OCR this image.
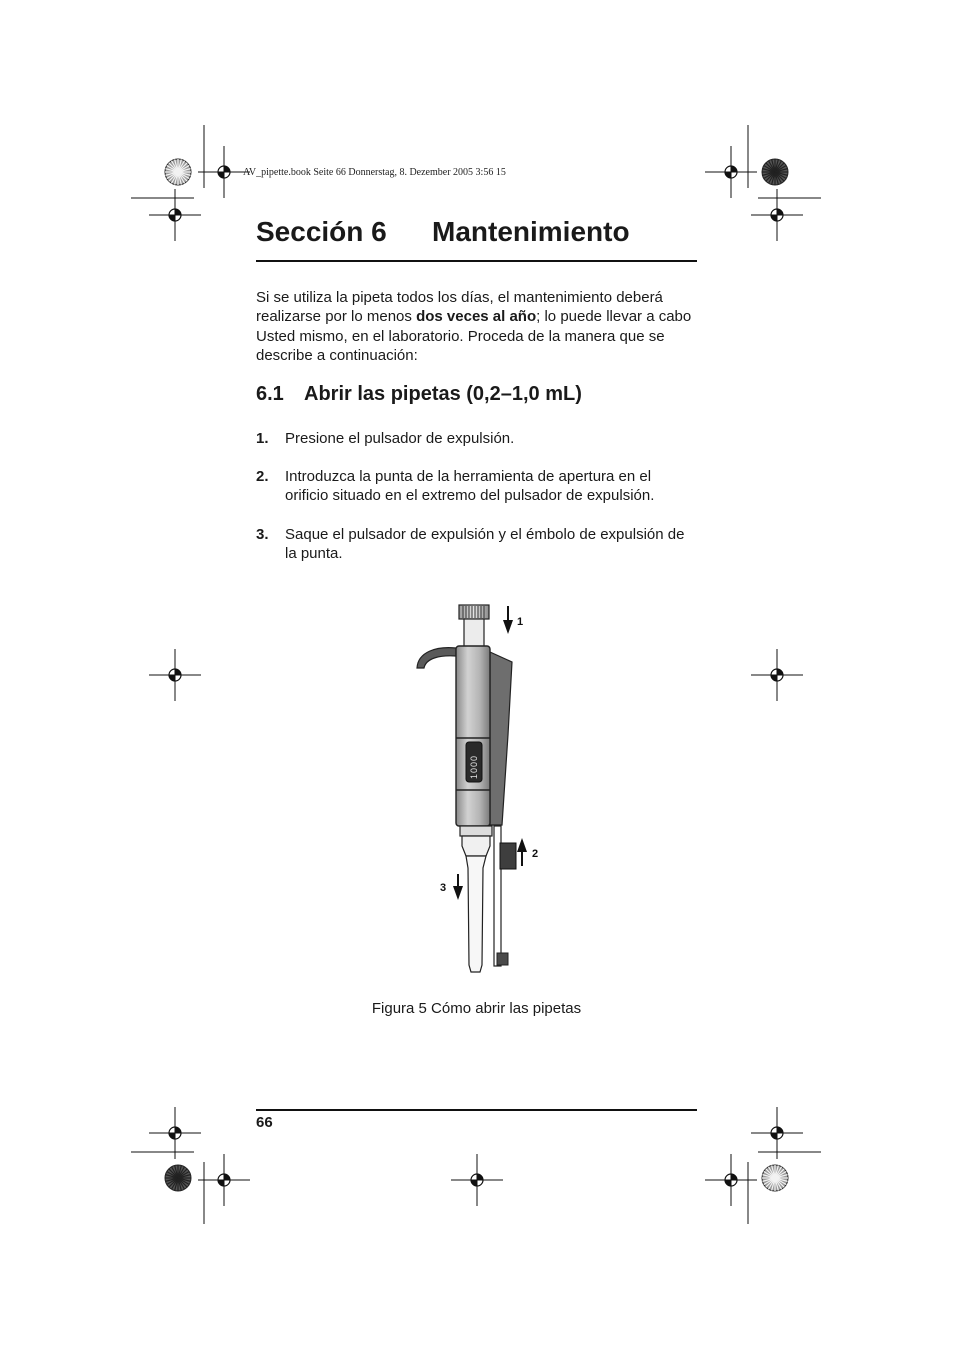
AV_pipette.book Seite 66 Donnerstag, 8. Dezember 2005 3:56 15
Sección 6 Mantenimiento
Si se utiliza la pipeta todos los días, el mantenimiento deberá realizarse por lo menos dos veces al año; lo puede llevar a cabo Usted mismo, en el laboratorio. Proceda de la manera que se describe a continuación:
6.1 Abrir las pipetas (0,2–1,0 mL)
1. Presione el pulsador de expulsión.
2. Introduzca la punta de la herramienta de apertura en el orificio situado en el extremo del pulsador de expulsión.
3. Saque el pulsador de expulsión y el émbolo de expulsión de la punta.
1000
1
2
3
Figura 5 Cómo abrir las pipetas
66
